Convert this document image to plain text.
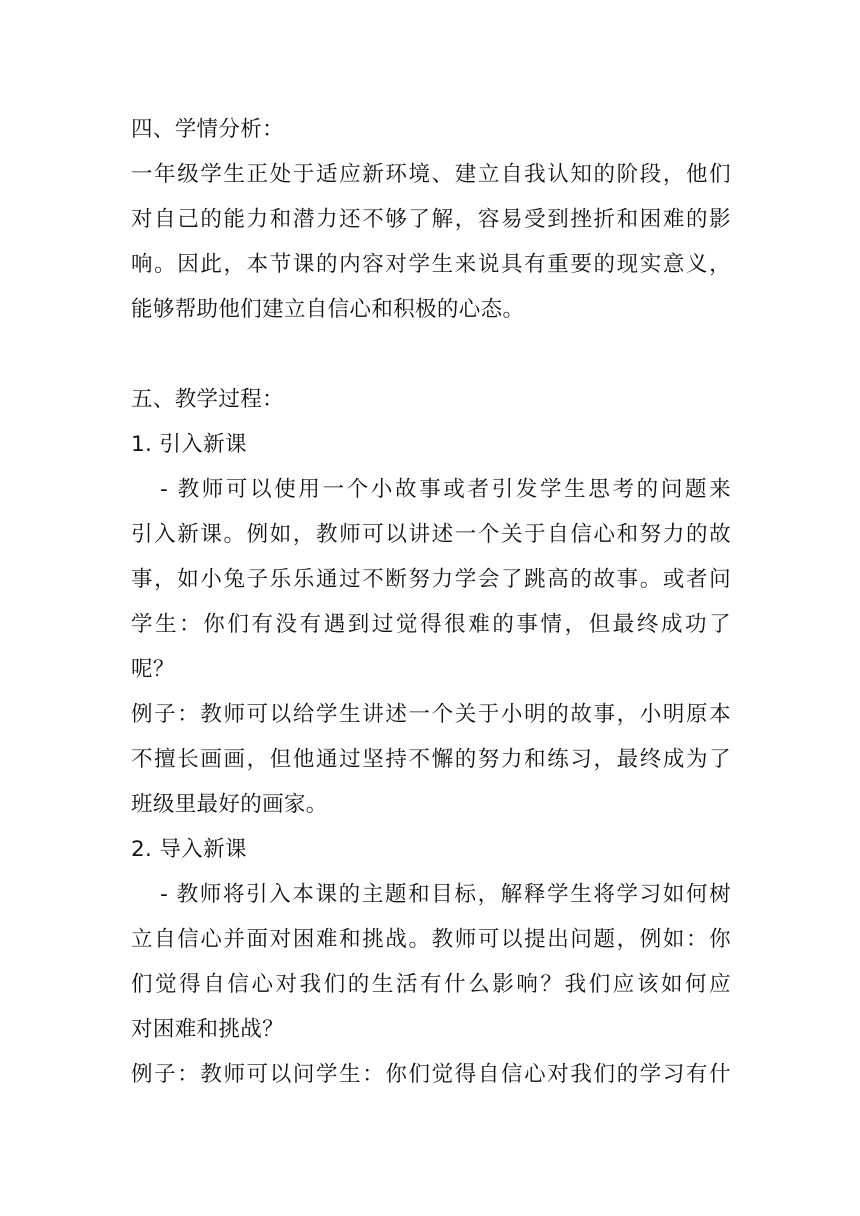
四、学情分析：
一年级学生正处于适应新环境、建立自我认知的阶段，他们
对自己的能力和潜力还不够了解，容易受到挫折和困难的影
响。因此，本节课的内容对学生来说具有重要的现实意义，
能够帮助他们建立自信心和积极的心态。
五、教学过程：
1. 引入新课
- 教师可以使用一个小故事或者引发学生思考的问题来
引入新课。例如，教师可以讲述一个关于自信心和努力的故
事，如小兔子乐乐通过不断努力学会了跳高的故事。或者问
学生：你们有没有遇到过觉得很难的事情，但最终成功了
呢？
例子：教师可以给学生讲述一个关于小明的故事，小明原本
不擅长画画，但他通过坚持不懈的努力和练习，最终成为了
班级里最好的画家。
2. 导入新课
- 教师将引入本课的主题和目标，解释学生将学习如何树
立自信心并面对困难和挑战。教师可以提出问题，例如：你
们觉得自信心对我们的生活有什么影响？我们应该如何应
对困难和挑战？
例子：教师可以问学生：你们觉得自信心对我们的学习有什
